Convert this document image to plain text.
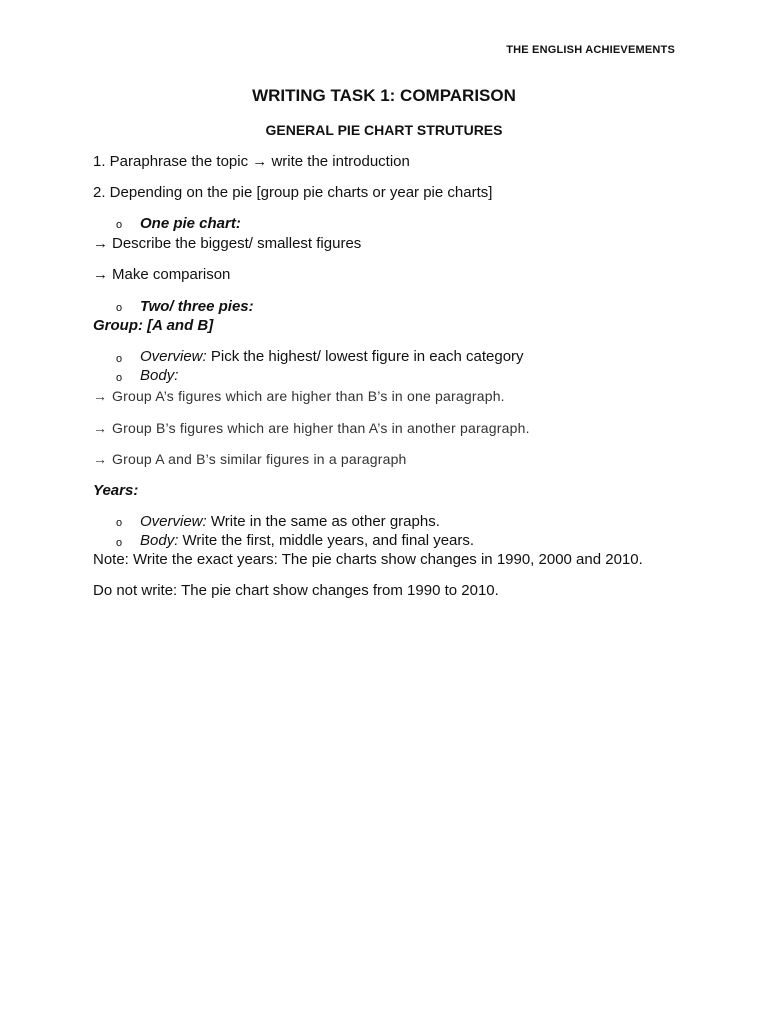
THE ENGLISH ACHIEVEMENTS
WRITING TASK 1: COMPARISON
GENERAL PIE CHART STRUTURES
1. Paraphrase the topic → write the introduction
2. Depending on the pie [group pie charts or year pie charts]
o One pie chart:
→ Describe the biggest/ smallest figures
→ Make comparison
o Two/ three pies:
Group: [A and B]
o Overview: Pick the highest/ lowest figure in each category
o Body:
→ Group A’s figures which are higher than B’s in one paragraph.
→ Group B’s figures which are higher than A’s in another paragraph.
→ Group A and B’s similar figures in a paragraph
Years:
o Overview: Write in the same as other graphs.
o Body: Write the first, middle years, and final years.
Note: Write the exact years: The pie charts show changes in 1990, 2000 and 2010.
Do not write: The pie chart show changes from 1990 to 2010.
